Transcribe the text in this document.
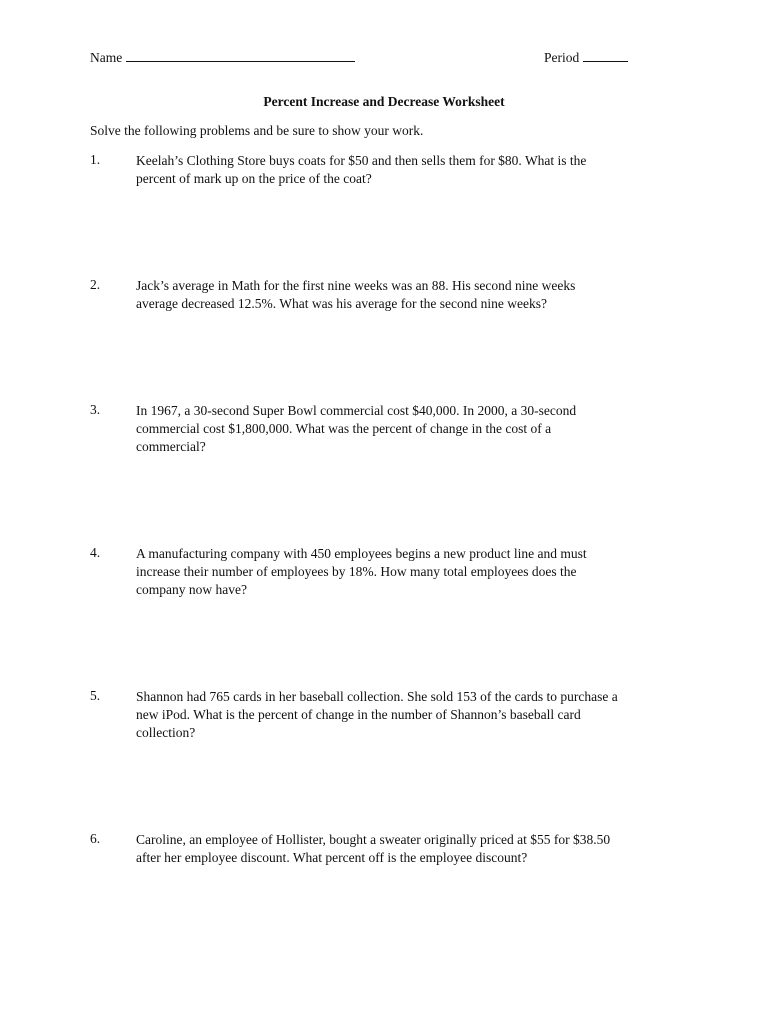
Name	Period
Percent Increase and Decrease Worksheet
Solve the following problems and be sure to show your work.
1.	Keelah’s Clothing Store buys coats for $50 and then sells them for $80. What is the
percent of mark up on the price of the coat?
2.	Jack’s average in Math for the first nine weeks was an 88. His second nine weeks
average decreased 12.5%. What was his average for the second nine weeks?
3.	In 1967, a 30-second Super Bowl commercial cost $40,000. In 2000, a 30-second
commercial cost $1,800,000. What was the percent of change in the cost of a
commercial?
4.	A manufacturing company with 450 employees begins a new product line and must
increase their number of employees by 18%. How many total employees does the
company now have?
5.	Shannon had 765 cards in her baseball collection. She sold 153 of the cards to purchase a
new iPod. What is the percent of change in the number of Shannon’s baseball card
collection?
6.	Caroline, an employee of Hollister, bought a sweater originally priced at $55 for $38.50
after her employee discount. What percent off is the employee discount?
